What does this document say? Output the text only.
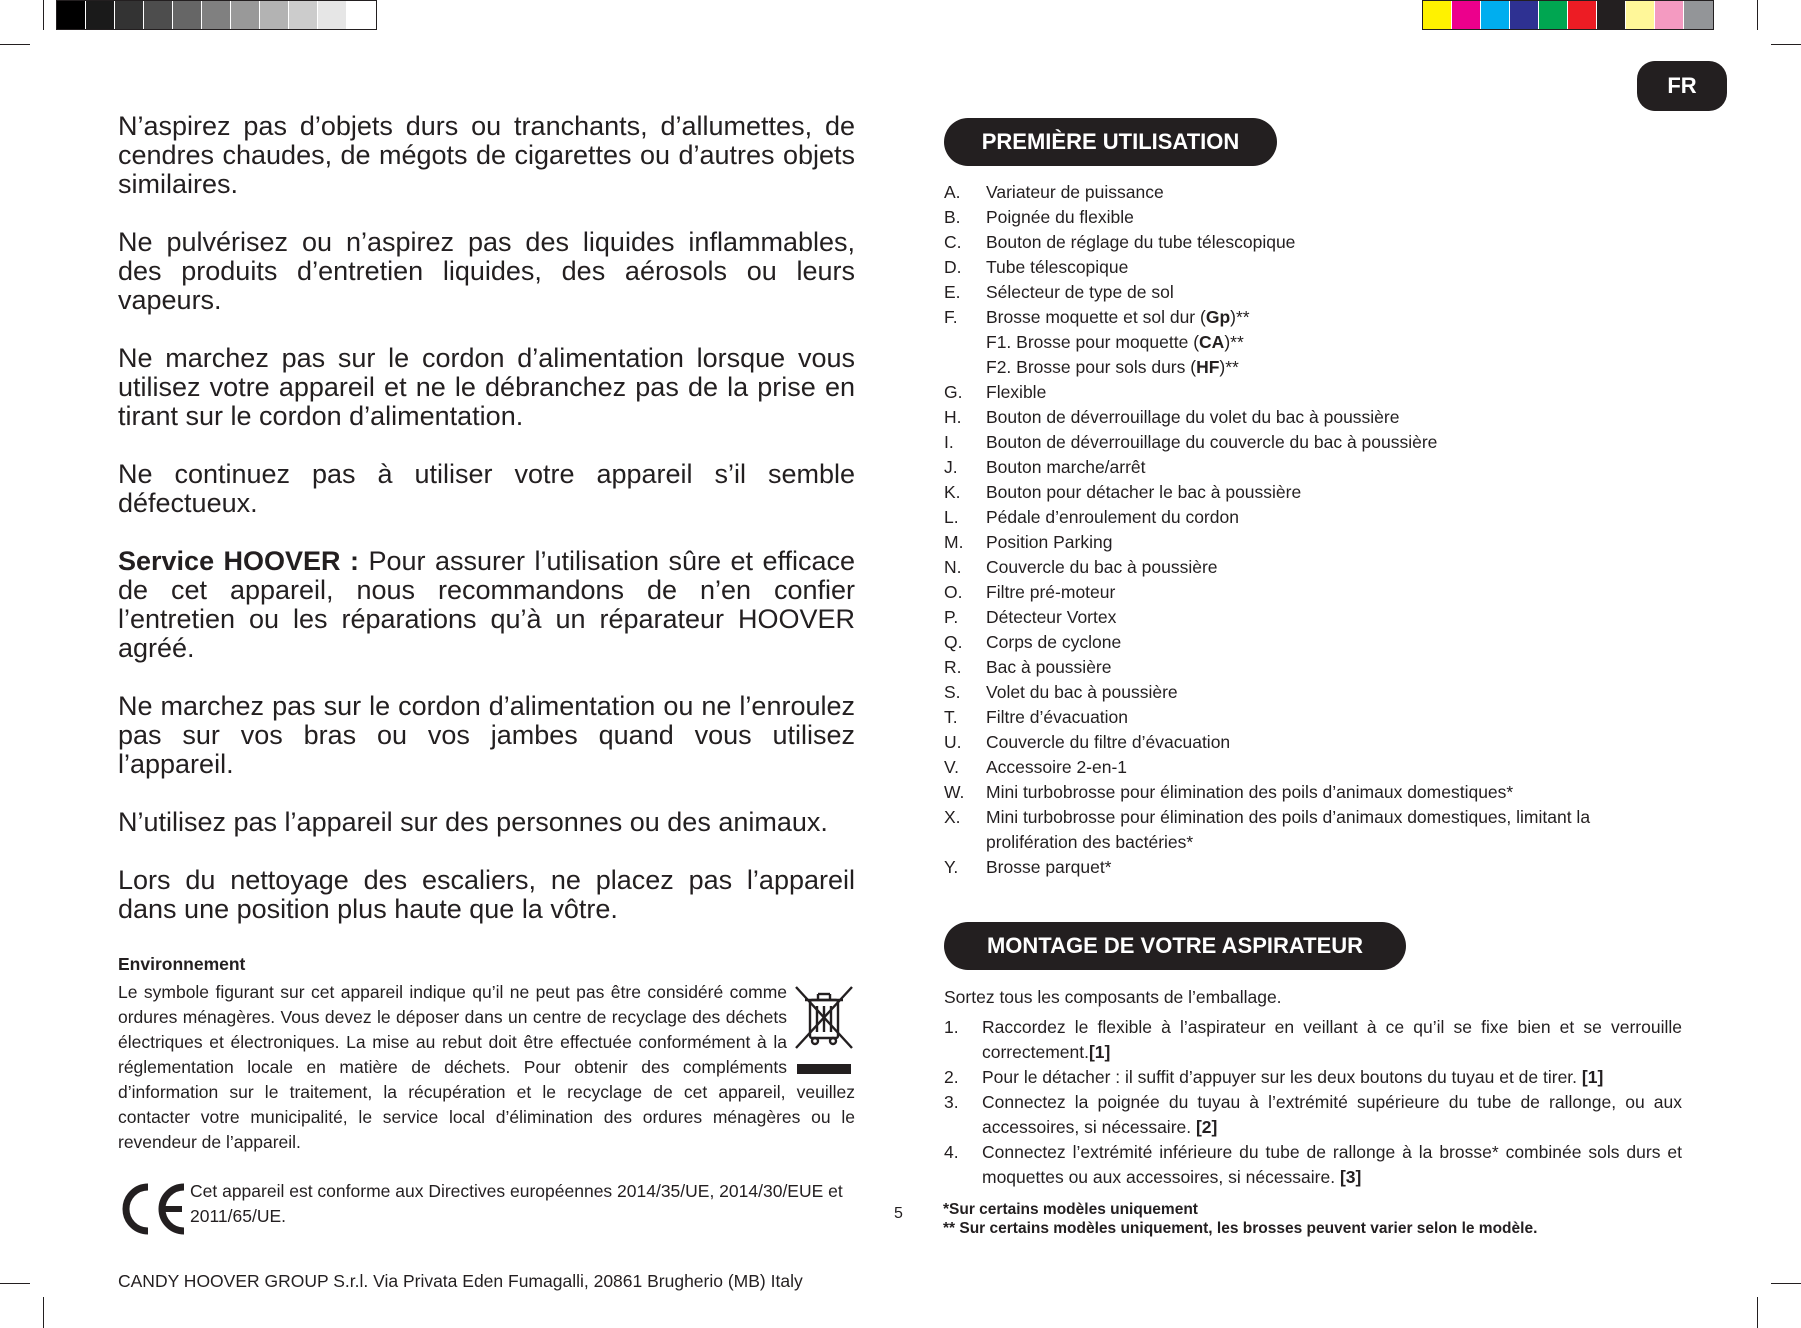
FR

N’aspirez pas d’objets durs ou tranchants, d’allumettes, de cendres chaudes, de mégots de cigarettes ou d’autres objets similaires.

Ne pulvérisez ou n’aspirez pas des liquides inflammables, des produits d’entretien liquides, des aérosols ou leurs vapeurs.

Ne marchez pas sur le cordon d’alimentation lorsque vous utilisez votre appareil et ne le débranchez pas de la prise en tirant sur le cordon d’alimentation.

Ne continuez pas à utiliser votre appareil s’il semble défectueux.

Service HOOVER : Pour assurer l’utilisation sûre et efficace de cet appareil, nous recommandons de n’en confier l’entretien ou les réparations qu’à un réparateur HOOVER agréé.

Ne marchez pas sur le cordon d’alimentation ou ne l’enroulez pas sur vos bras ou vos jambes quand vous utilisez l’appareil.

N’utilisez pas l’appareil sur des personnes ou des animaux.

Lors du nettoyage des escaliers, ne placez pas l’appareil dans une position plus haute que la vôtre.

Environnement

Le symbole figurant sur cet appareil indique qu’il ne peut pas être considéré comme ordures ménagères. Vous devez le déposer dans un centre de recyclage des déchets électriques et électroniques. La mise au rebut doit être effectuée conformément à la réglementation locale en matière de déchets. Pour obtenir des compléments d’information sur le traitement, la récupération et le recyclage de cet appareil, veuillez contacter votre municipalité, le service local d’élimination des ordures ménagères ou le revendeur de l’appareil.

Cet appareil est conforme aux Directives européennes 2014/35/UE, 2014/30/EUE et 2011/65/UE.
CANDY HOOVER GROUP S.r.l. Via Privata Eden Fumagalli, 20861 Brugherio (MB) Italy
PREMIÈRE UTILISATION
A.	Variateur de puissance
B.	Poignée du flexible
C.	Bouton de réglage du tube télescopique
D.	Tube télescopique
E.	Sélecteur de type de sol
F.	Brosse moquette et sol dur (Gp)**
F1. Brosse pour moquette (CA)**
F2. Brosse pour sols durs (HF)**
G.	Flexible
H.	Bouton de déverrouillage du volet du bac à poussière
I.	Bouton de déverrouillage du couvercle du bac à poussière
J.	Bouton marche/arrêt
K.	Bouton pour détacher le bac à poussière
L.	Pédale d’enroulement du cordon
M.	Position Parking
N.	Couvercle du bac à poussière
O.	Filtre pré-moteur
P.	Détecteur Vortex
Q.	Corps de cyclone
R.	Bac à poussière
S.	Volet du bac à poussière
T.	Filtre d’évacuation
U.	Couvercle du filtre d’évacuation
V.	Accessoire 2-en-1
W.	Mini turbobrosse pour élimination des poils d’animaux domestiques*
X.	Mini turbobrosse pour élimination des poils d’animaux domestiques, limitant la prolifération des bactéries*
Y.	Brosse parquet*
MONTAGE DE VOTRE ASPIRATEUR
Sortez tous les composants de l’emballage.
1.	Raccordez le flexible à l’aspirateur en veillant à ce qu’il se fixe bien et se verrouille correctement.[1]
2.	Pour le détacher : il suffit d’appuyer sur les deux boutons du tuyau et de tirer. [1]
3.	Connectez la poignée du tuyau à l’extrémité supérieure du tube de rallonge, ou aux accessoires, si nécessaire. [2]
4.	Connectez l’extrémité inférieure du tube de rallonge à la brosse* combinée sols durs et moquettes ou aux accessoires, si nécessaire. [3]
5	*Sur certains modèles uniquement
** Sur certains modèles uniquement, les brosses peuvent varier selon le modèle.
